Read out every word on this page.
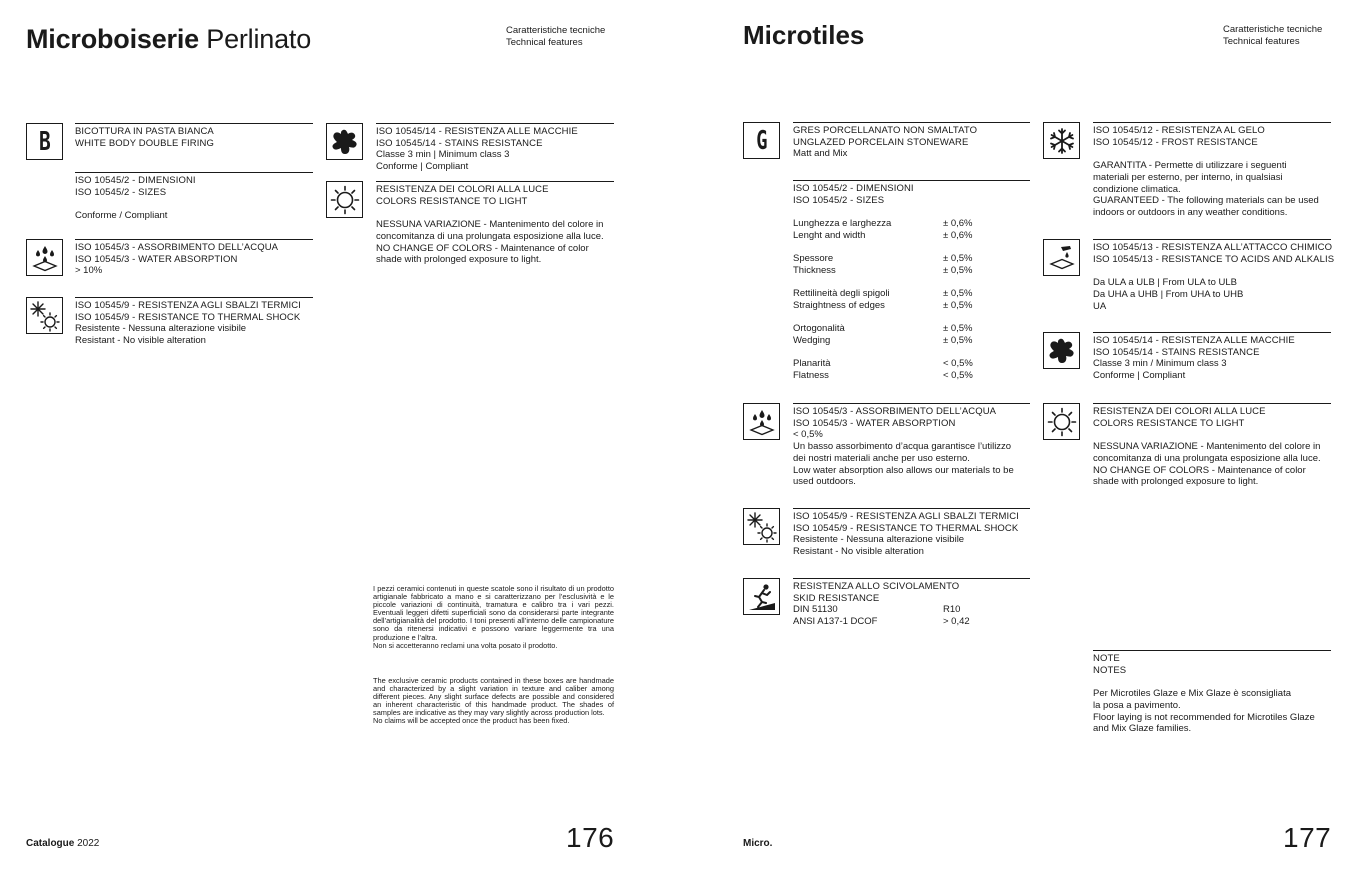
Microboiserie Perlinato	Caratteristiche tecniche
Technical features
B	BICOTTURA IN PASTA BIANCA
WHITE BODY DOUBLE FIRING
ISO 10545/2 - DIMENSIONI
ISO 10545/2 - SIZES
Conforme / Compliant
ISO 10545/3 - ASSORBIMENTO DELL’ACQUA
ISO 10545/3 - WATER ABSORPTION
> 10%
ISO 10545/9 - RESISTENZA AGLI SBALZI TERMICI
ISO 10545/9 - RESISTANCE TO THERMAL SHOCK
Resistente - Nessuna alterazione visibile
Resistant - No visible alteration
ISO 10545/14 - RESISTENZA ALLE MACCHIE
ISO 10545/14 - STAINS RESISTANCE
Classe 3 min | Minimum class 3
Conforme | Compliant
RESISTENZA DEI COLORI ALLA LUCE
COLORS RESISTANCE TO LIGHT
NESSUNA VARIAZIONE - Mantenimento del colore in
concomitanza di una prolungata esposizione alla luce.
NO CHANGE OF COLORS - Maintenance of color
shade with prolonged exposure to light.

I pezzi ceramici contenuti in queste scatole sono il risultato di un prodotto artigianale fabbricato a mano e si caratterizzano per l’esclusività e le piccole variazioni di continuità, tramatura e calibro tra i vari pezzi. Eventuali leggeri difetti superficiali sono da considerarsi parte integrante dell’artigianalità del prodotto. I toni presenti all’interno delle campionature sono da ritenersi indicativi e possono variare leggermente tra una produzione e l’altra.

Non si accetteranno reclami una volta posato il prodotto.

The exclusive ceramic products contained in these boxes are handmade and characterized by a slight variation in texture and caliber among different pieces. Any slight surface defects are possible and considered an inherent characteristic of this handmade product. The shades of samples are indicative as they may vary slightly across production lots.

No claims will be accepted once the product has been fixed.

Catalogue 2022	176
Microtiles	Caratteristiche tecniche
Technical features
G	GRES PORCELLANATO NON SMALTATO
UNGLAZED PORCELAIN STONEWARE
Matt and Mix
ISO 10545/2 - DIMENSIONI
ISO 10545/2 - SIZES
Lunghezza e larghezza	± 0,6%
Lenght and width	± 0,6%
Spessore	± 0,5%
Thickness	± 0,5%
Rettilineità degli spigoli	± 0,5%
Straightness of edges	± 0,5%
Ortogonalità	± 0,5%
Wedging	± 0,5%
Planarità	< 0,5%
Flatness	< 0,5%
ISO 10545/3 - ASSORBIMENTO DELL’ACQUA
ISO 10545/3 - WATER ABSORPTION
< 0,5%
Un basso assorbimento d’acqua garantisce l’utilizzo
dei nostri materiali anche per uso esterno.
Low water absorption also allows our materials to be
used outdoors.
ISO 10545/9 - RESISTENZA AGLI SBALZI TERMICI
ISO 10545/9 - RESISTANCE TO THERMAL SHOCK
Resistente - Nessuna alterazione visibile
Resistant - No visible alteration
RESISTENZA ALLO SCIVOLAMENTO
SKID RESISTANCE
DIN 51130	R10
ANSI A137-1 DCOF	> 0,42
ISO 10545/12 - RESISTENZA AL GELO
ISO 10545/12 - FROST RESISTANCE
GARANTITA - Permette di utilizzare i seguenti
materiali per esterno, per interno, in qualsiasi
condizione climatica.
GUARANTEED - The following materials can be used
indoors or outdoors in any weather conditions.
ISO 10545/13 - RESISTENZA ALL’ATTACCO CHIMICO
ISO 10545/13 - RESISTANCE TO ACIDS AND ALKALIS
Da ULA a ULB | From ULA to ULB
Da UHA a UHB | From UHA to UHB
UA
ISO 10545/14 - RESISTENZA ALLE MACCHIE
ISO 10545/14 - STAINS RESISTANCE
Classe 3 min / Minimum class 3
Conforme | Compliant
RESISTENZA DEI COLORI ALLA LUCE
COLORS RESISTANCE TO LIGHT
NESSUNA VARIAZIONE - Mantenimento del colore in
concomitanza di una prolungata esposizione alla luce.
NO CHANGE OF COLORS - Maintenance of color
shade with prolonged exposure to light.
NOTE
NOTES
Per Microtiles Glaze e Mix Glaze è sconsigliata
la posa a pavimento.
Floor laying is not recommended for Microtiles Glaze
and Mix Glaze families.
Micro.	177
